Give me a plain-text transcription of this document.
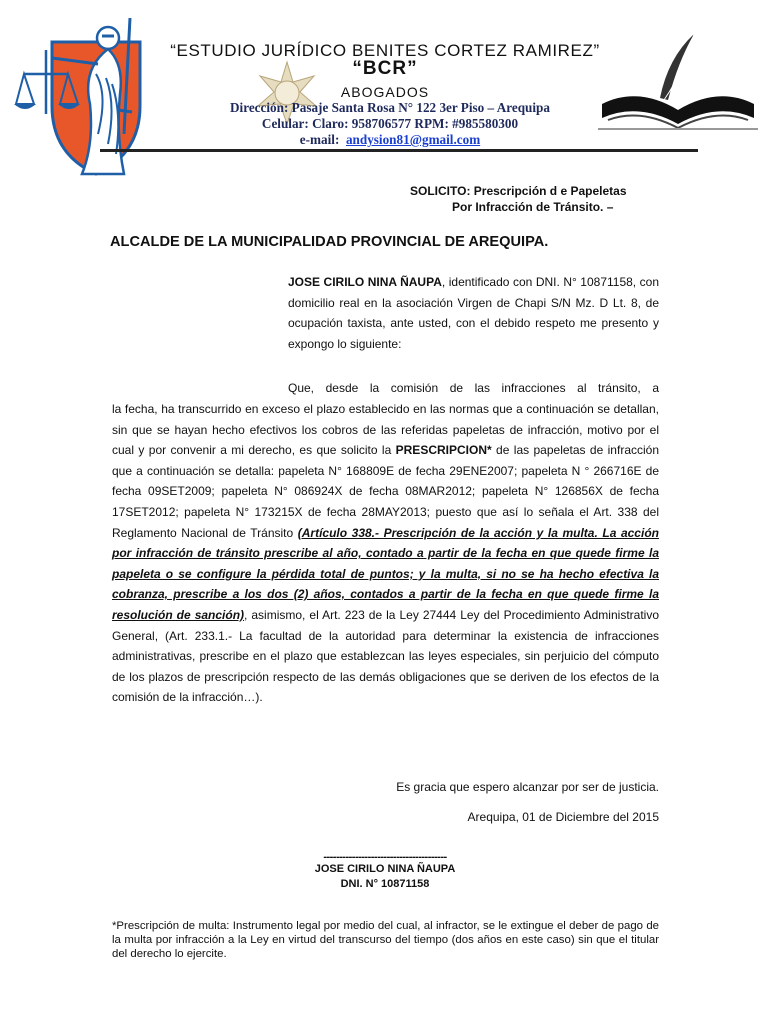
“ESTUDIO JURÍDICO BENITES CORTEZ RAMIREZ”
“BCR”
ABOGADOS
Dirección: Pasaje Santa Rosa N° 122 3er Piso – Arequipa
Celular: Claro: 958706577 RPM: #985580300
e-mail: andysion81@gmail.com
SOLICITO: Prescripción d e Papeletas
Por Infracción de Tránsito. –
ALCALDE DE LA MUNICIPALIDAD PROVINCIAL DE AREQUIPA.
JOSE CIRILO NINA ÑAUPA, identificado con DNI. N° 10871158, con domicilio real en la asociación Virgen de Chapi S/N Mz. D Lt. 8, de ocupación taxista, ante usted, con el debido respeto me presento y expongo lo siguiente:
Que, desde la comisión de las infracciones al tránsito, a
la fecha, ha transcurrido en exceso el plazo establecido en las normas que a continuación se detallan, sin que se hayan hecho efectivos los cobros de las referidas papeletas de infracción, motivo por el cual y por convenir a mi derecho, es que solicito la PRESCRIPCION* de las papeletas de infracción que a continuación se detalla: papeleta N° 168809E de fecha 29ENE2007; papeleta N ° 266716E de fecha 09SET2009; papeleta N° 086924X de fecha 08MAR2012; papeleta N° 126856X de fecha 17SET2012; papeleta N° 173215X de fecha 28MAY2013; puesto que así lo señala el Art. 338 del Reglamento Nacional de Tránsito (Artículo 338.- Prescripción de la acción y la multa. La acción por infracción de tránsito prescribe al año, contado a partir de la fecha en que quede firme la papeleta o se configure la pérdida total de puntos; y la multa, si no se ha hecho efectiva la cobranza, prescribe a los dos (2) años, contados a partir de la fecha en que quede firme la resolución de sanción), asimismo, el Art. 223 de la Ley 27444 Ley del Procedimiento Administrativo General, (Art. 233.1.- La facultad de la autoridad para determinar la existencia de infracciones administrativas, prescribe en el plazo que establezcan las leyes especiales, sin perjuicio del cómputo de los plazos de prescripción respecto de las demás obligaciones que se deriven de los efectos de la comisión de la infracción…).
Es gracia que espero alcanzar por ser de justicia.
Arequipa, 01 de Diciembre del 2015
---------------------------------------
JOSE CIRILO NINA ÑAUPA
DNI. N° 10871158
*Prescripción de multa: Instrumento legal por medio del cual, al infractor, se le extingue el deber de pago de la multa por infracción a la Ley en virtud del transcurso del tiempo (dos años en este caso) sin que el titular del derecho lo ejercite.
